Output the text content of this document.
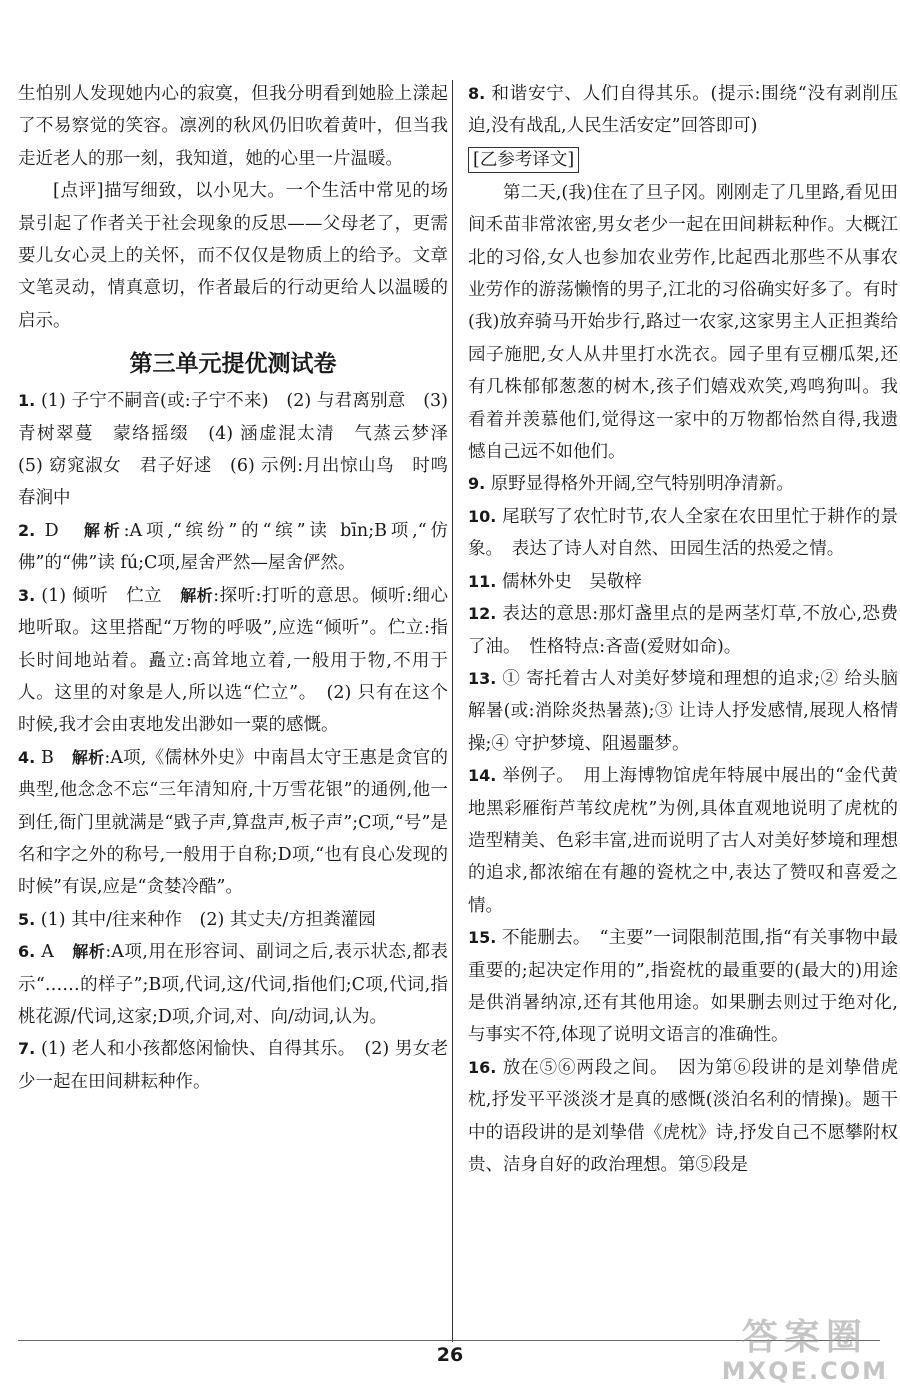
生怕别人发现她内心的寂寞，但我分明看到她脸上漾起了不易察觉的笑容。凛冽的秋风仍旧吹着黄叶，但当我走近老人的那一刻，我知道，她的心里一片温暖。

[点评]描写细致，以小见大。一个生活中常见的场景引起了作者关于社会现象的反思——父母老了，更需要儿女心灵上的关怀，而不仅仅是物质上的给予。文章文笔灵动，情真意切，作者最后的行动更给人以温暖的启示。

第三单元提优测试卷

1. (1) 子宁不嗣音(或:子宁不来)　(2) 与君离别意　(3) 青树翠蔓　蒙络摇缀　(4) 涵虚混太清　气蒸云梦泽　(5) 窈窕淑女　君子好逑　(6) 示例:月出惊山鸟　时鸣春涧中

2. D　解析:A项,“缤纷”的“缤”读 bīn;B项,“仿佛”的“佛”读 fú;C项,屋舍严然—屋舍俨然。

3. (1) 倾听　伫立　解析:探听:打听的意思。倾听:细心地听取。这里搭配“万物的呼吸”,应选“倾听”。伫立:指长时间地站着。矗立:高耸地立着,一般用于物,不用于人。这里的对象是人,所以选“伫立”。　(2) 只有在这个时候,我才会由衷地发出渺如一粟的感慨。

4. B　解析:A项,《儒林外史》中南昌太守王惠是贪官的典型,他念念不忘“三年清知府,十万雪花银”的通例,他一到任,衙门里就满是“戥子声,算盘声,板子声”;C项,“号”是名和字之外的称号,一般用于自称;D项,“也有良心发现的时候”有误,应是“贪婪冷酷”。

5. (1) 其中/往来种作　(2) 其丈夫/方担粪灌园

6. A　解析:A项,用在形容词、副词之后,表示状态,都表示“……的样子”;B项,代词,这/代词,指他们;C项,代词,指桃花源/代词,这家;D项,介词,对、向/动词,认为。

7. (1) 老人和小孩都悠闲愉快、自得其乐。　(2) 男女老少一起在田间耕耘种作。

8. 和谐安宁、人们自得其乐。(提示:围绕“没有剥削压迫,没有战乱,人民生活安定”回答即可)

[乙参考译文]

第二天,(我)住在了旦子冈。刚刚走了几里路,看见田间禾苗非常浓密,男女老少一起在田间耕耘种作。大概江北的习俗,女人也参加农业劳作,比起西北那些不从事农业劳作的游荡懒惰的男子,江北的习俗确实好多了。有时(我)放弃骑马开始步行,路过一农家,这家男主人正担粪给园子施肥,女人从井里打水洗衣。园子里有豆棚瓜架,还有几株郁郁葱葱的树木,孩子们嬉戏欢笑,鸡鸣狗叫。我看着并羡慕他们,觉得这一家中的万物都怡然自得,我遗憾自己远不如他们。

9. 原野显得格外开阔,空气特别明净清新。

10. 尾联写了农忙时节,农人全家在农田里忙于耕作的景象。　表达了诗人对自然、田园生活的热爱之情。

11. 儒林外史　吴敬梓

12. 表达的意思:那灯盏里点的是两茎灯草,不放心,恐费了油。　性格特点:吝啬(爱财如命)。

13. ① 寄托着古人对美好梦境和理想的追求;② 给头脑解暑(或:消除炎热暑蒸);③ 让诗人抒发感情,展现人格情操;④ 守护梦境、阻遏噩梦。

14. 举例子。　用上海博物馆虎年特展中展出的“金代黄地黑彩雁衔芦苇纹虎枕”为例,具体直观地说明了虎枕的造型精美、色彩丰富,进而说明了古人对美好梦境和理想的追求,都浓缩在有趣的瓷枕之中,表达了赞叹和喜爱之情。

15. 不能删去。　“主要”一词限制范围,指“有关事物中最重要的;起决定作用的”,指瓷枕的最重要的(最大的)用途是供消暑纳凉,还有其他用途。如果删去则过于绝对化,与事实不符,体现了说明文语言的准确性。

16. 放在⑤⑥两段之间。　因为第⑥段讲的是刘挚借虎枕,抒发平平淡淡才是真的感慨(淡泊名利的情操)。题干中的语段讲的是刘挚借《虎枕》诗,抒发自己不愿攀附权贵、洁身自好的政治理想。第⑤段是

26	答案圈
MXQE.COM
